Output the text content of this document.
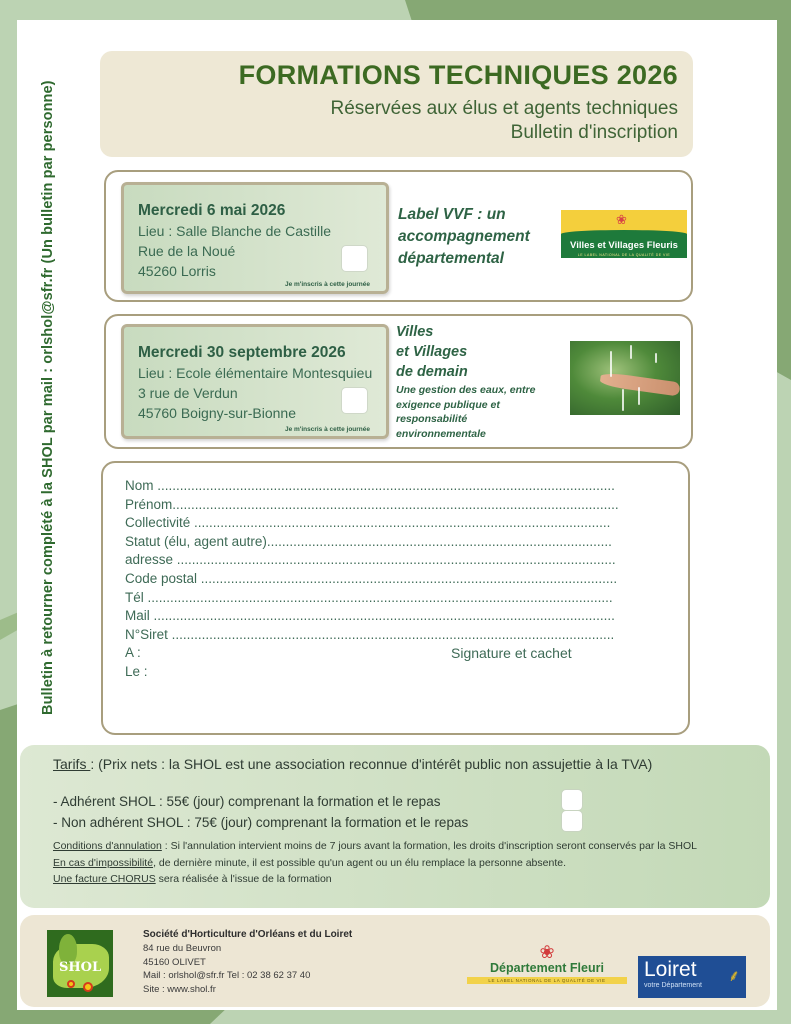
Bulletin à retourner complété à la SHOL par mail : orlshol@sfr.fr (Un bulletin par personne)
FORMATIONS TECHNIQUES 2026
Réservées aux élus et agents techniques
Bulletin d'inscription
Mercredi 6 mai 2026
Lieu : Salle Blanche de Castille
Rue de la Noué
45260 Lorris
Je m'inscris à cette journée
Label VVF : un
accompagnement
départemental
❀
Villes et Villages Fleuris
LE LABEL NATIONAL DE LA QUALITÉ DE VIE
Mercredi 30 septembre 2026
Lieu : Ecole élémentaire Montesquieu
3 rue de Verdun
45760 Boigny-sur-Bionne
Je m'inscris à cette journée
Villes
et Villages
de demain
Une gestion des eaux, entre exigence publique et responsabilité environnementale
Nom ..........................................................................................................................
Prénom.......................................................................................................................
Collectivité ...............................................................................................................
Statut (élu, agent autre)............................................................................................
adresse .....................................................................................................................
Code postal ...............................................................................................................
Tél ............................................................................................................................
Mail ...........................................................................................................................
N°Siret ......................................................................................................................
A :	Signature et cachet
Le :
Tarifs : (Prix nets : la SHOL est une association reconnue d'intérêt public non assujettie à la TVA)
- Adhérent SHOL : 55€ (jour) comprenant la formation et le repas
- Non adhérent SHOL : 75€ (jour) comprenant la formation et le repas

Conditions d'annulation : Si l'annulation intervient moins de 7 jours avant la formation, les droits d'inscription seront conservés par la SHOL

En cas d'impossibilité, de dernière minute, il est possible qu'un agent ou un élu remplace la personne absente.

Une facture CHORUS sera réalisée à l'issue de la formation

SHOL
Société d'Horticulture d'Orléans et du Loiret
84 rue du Beuvron
45160 OLIVET
Mail : orlshol@sfr.fr Tel : 02 38 62 37 40
Site : www.shol.fr
❀
Département Fleuri
LE LABEL NATIONAL DE LA QUALITÉ DE VIE	Loiret
votre Département
⸙
